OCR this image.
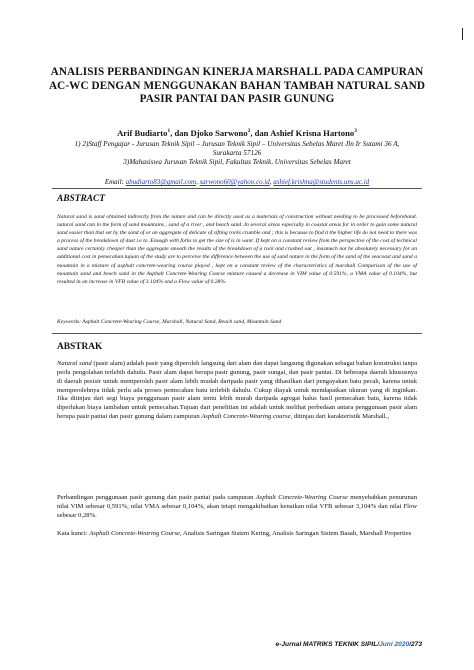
ANALISIS PERBANDINGAN KINERJA MARSHALL PADA CAMPURAN AC-WC DENGAN MENGGUNAKAN BAHAN TAMBAH NATURAL SAND PASIR PANTAI DAN PASIR GUNUNG
Arif Budiarto$^1$, dan Djoko Sarwono$^2$, dan Ashief Krisna Hartono$^3$
1) 2)Staff Pengajar - Jurusan Teknik Sipil – Jurusan Teknik Sipil – Universitas Sebelas Maret Jln Ir Sutami 36 A,
Surakarta 57126
3)Mahasiswa Jurusan Teknik Sipil, Fakultas Teknik, Universitas Sebelas Maret
Email: abudiarto83@gmail.com, sarwono60@yahoo.co.id, ashief.krishna@students.uns.ac.id
ABSTRACT
Natural sand is sand obtained indirectly from the nature and can be directly used as a materials of construction without needing to be processed beforehand. natural sand can in the form of sand mountains , sand of a river , and beach sand .In several areas especially in coastal areas for in order to gain some natural sand easier than that set by the sand of or an aggregate of delicate of sifting rocks crumble and ; this is because to find it the higher life do not need to there was a process of the breakdown of dust i.e to .Enough with forks to get the size of is in want .If kept on a constant review from the perspective of the cost of technical sand nature certainly cheaper than the aggregate smooth the results of the breakdown of a rock and crushed out , inasmuch not be absolutely necessary for an additional cost in pemecahan.tujuan of the study are to perceive the difference between the use of sand nature in the form of the sand of the seacoast and sand a mountain in a mixture of asphalt concrete-wearing course played , kept on a constant review of the characteristics of marshall Comparison of the use of mountain sand and beach sand in the Asphalt Concrete-Wearing Course mixture caused a decrease in VIM value of 0.591%, a VMA value of 0.104%, but resulted in an increase in VFB value of 3.104% and a Flow value of 0.28%.
Keywords: Asphalt Concrete-Wearing Course, Marshall, Natural Sand, Beach sand, Mountain Sand
ABSTRAK
Natural sand (pasir alam) adalah pasir yang diperoleh langsung dari alam dan dapat langsung digunakan sebagai bahan konstruksi tanpa perlu pengolahan terlebih dahulu. Pasir alam dapat berupa pasir gunung, pasir sungai, dan pasir pantai. Di beberapa daerah khususnya di daerah pesisir untuk memperoleh pasir alam lebih mudah daripada pasir yang dihasilkan dari pengayakan batu pecah, karena untuk memperolehnya tidak perlu ada proses pemecahan batu terlebih dahulu. Cukup diayak untuk mendapatkan ukuran yang di inginkan. Jika ditinjau dari segi biaya penggunaan pasir alam tentu lebih murah daripada agregat halus hasil pemecahan batu, karena tidak diperlukan biaya tambahan untuk pemecahan.Tujuan dari penelitian ini adalah untuk melihat perbedaan antara penggunaan pasir alam berupa pasir pantai dan pasir gunung dalam campuran Asphalt Concrete-Wearing course, ditinjau dari karakteristik Marshall.,
Perbandingan penggunaan pasir gunung dan pasir pantai pada campuran Asphalt Concrete-Wearing Course menyebabkan penurunan nilai VIM sebesar 0,591%, nilai VMA sebesar 0,104%, akan tetapi mengakibatkan kenaikan nilai VFB sebesar 3,104% dan nilai Flow sebesar 0,28%.
Kata kunci: Asphalt Concrete-Wearing Course, Analisis Saringan Sistem Kering, Analisis Saringan Sistem Basah, Marshall Properties
e-Jurnal MATRIKS TEKNIK SIPIL/Juni 2020/273
